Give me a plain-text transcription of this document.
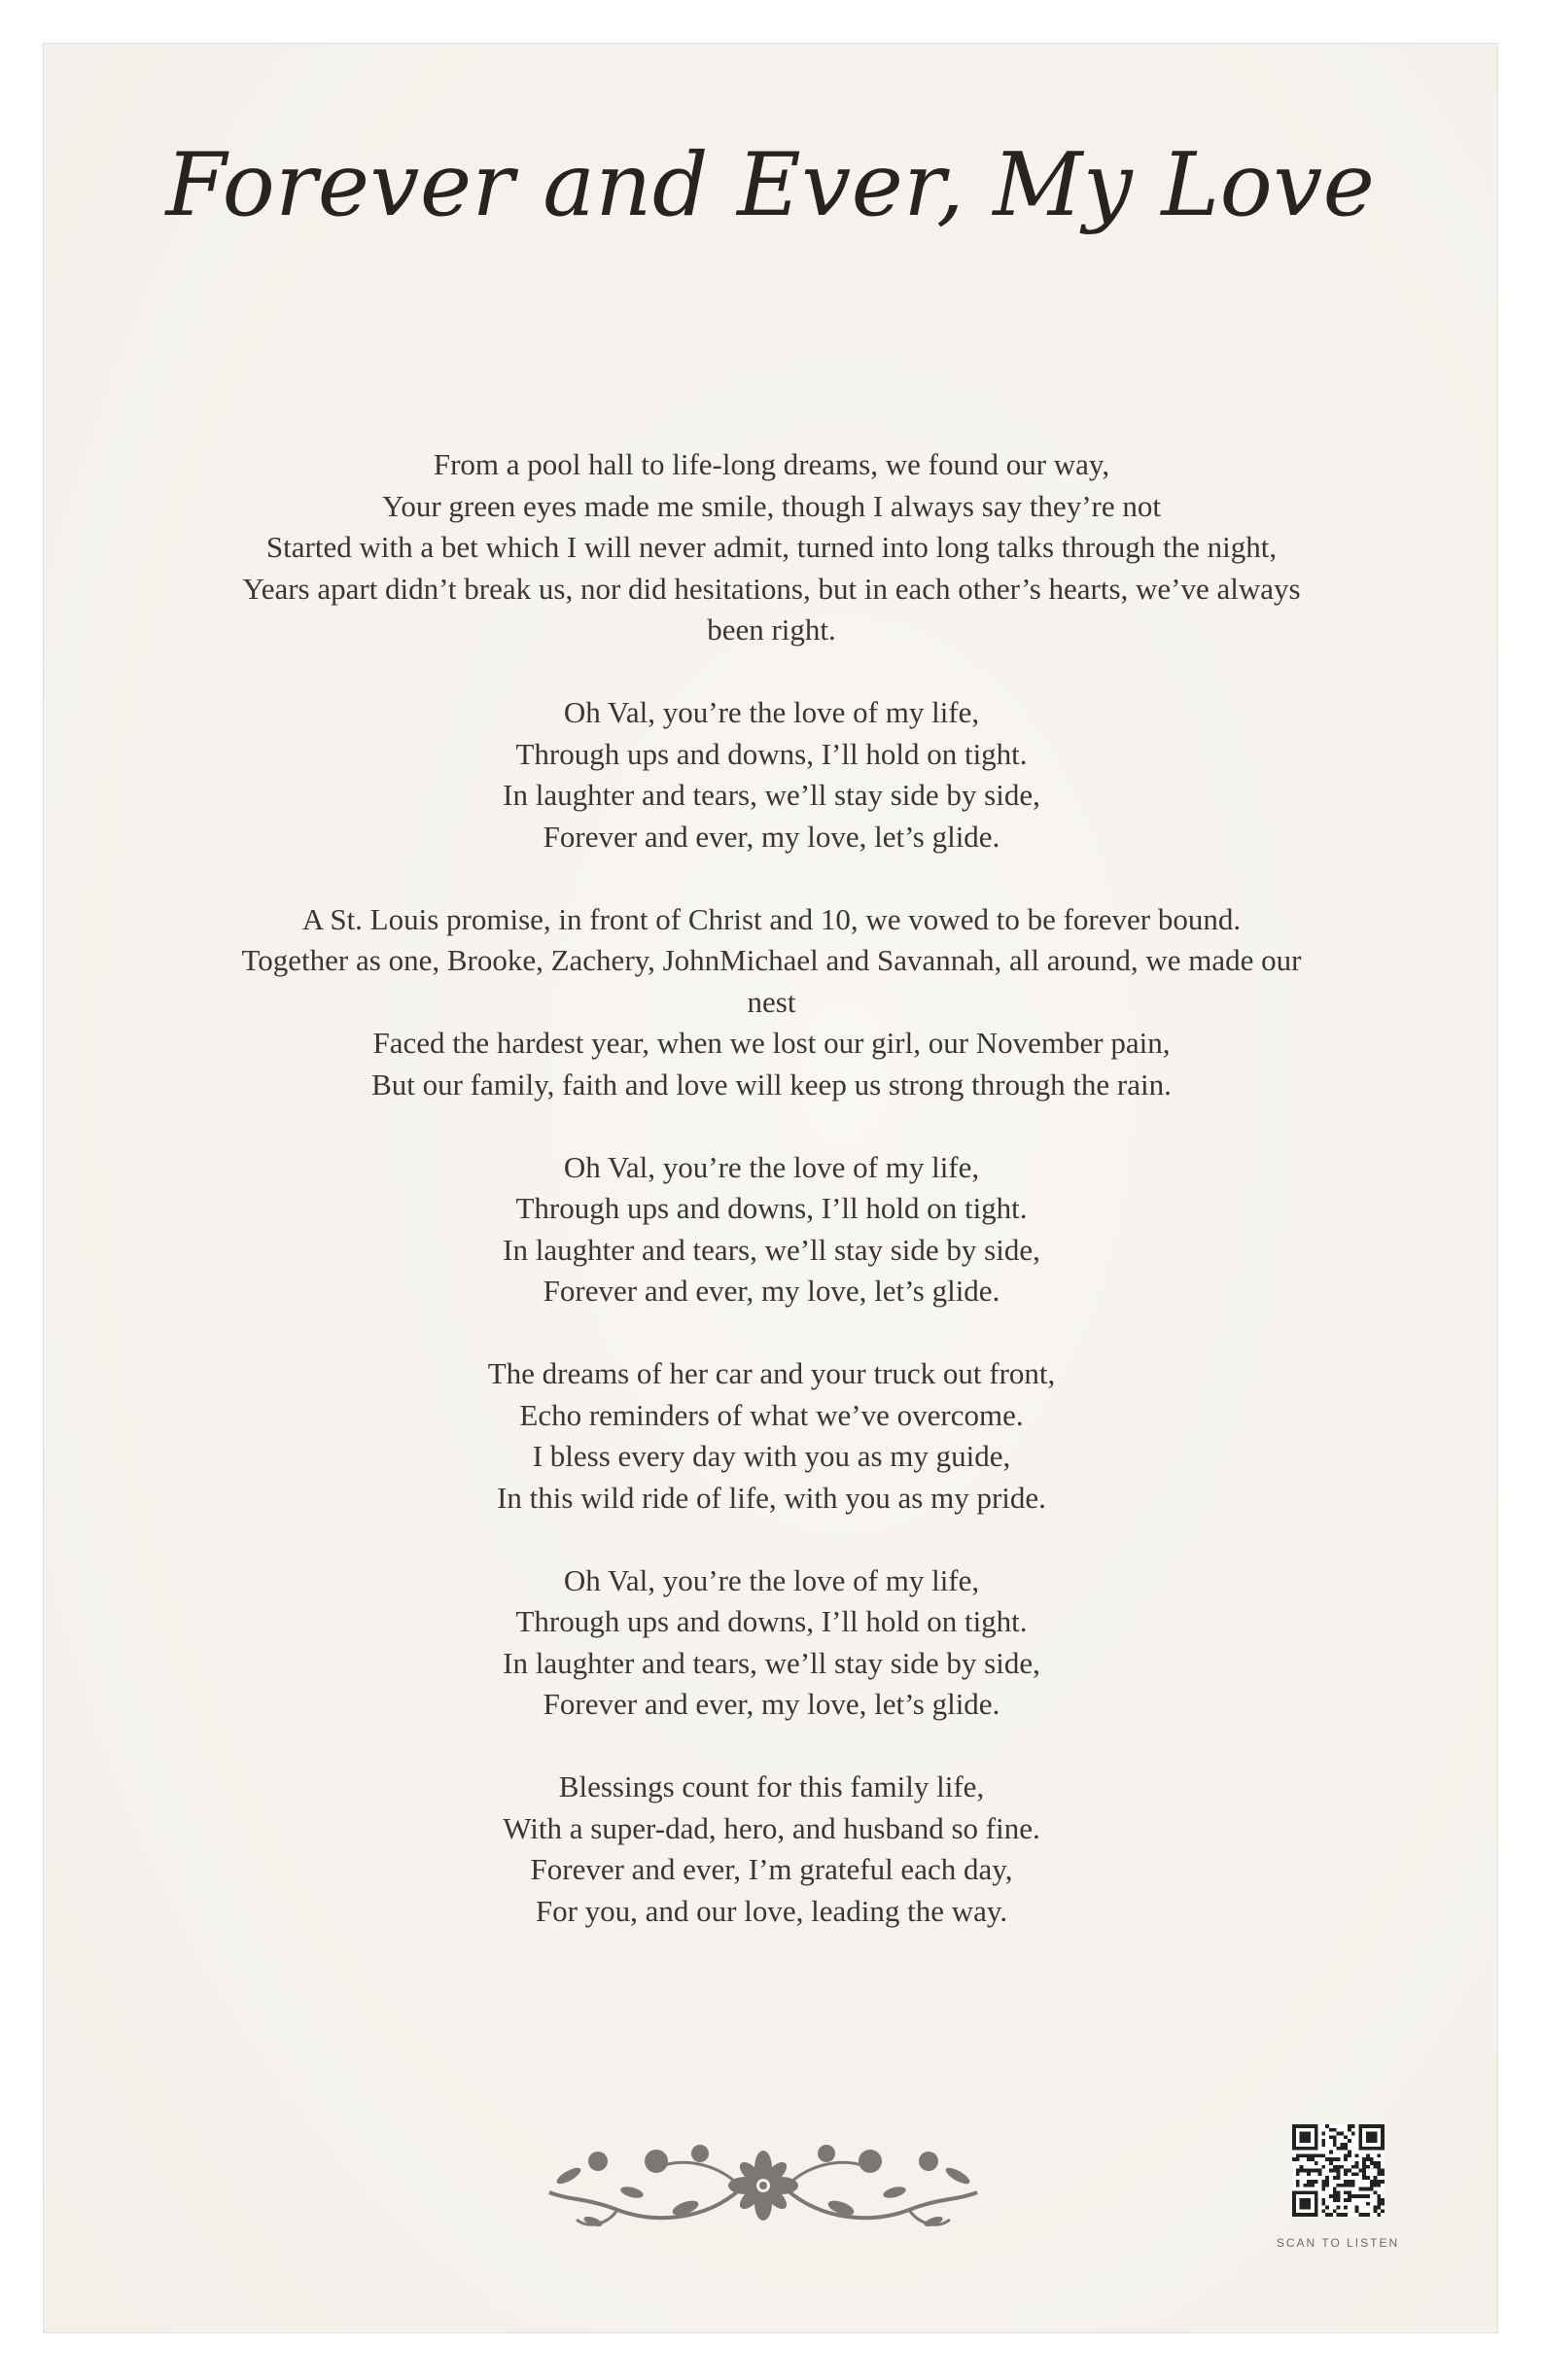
Forever and Ever, My Love
From a pool hall to life-long dreams, we found our way,
Your green eyes made me smile, though I always say they’re not
Started with a bet which I will never admit, turned into long talks through the night,
Years apart didn’t break us, nor did hesitations, but in each other’s hearts, we’ve always
been right.
Oh Val, you’re the love of my life,
Through ups and downs, I’ll hold on tight.
In laughter and tears, we’ll stay side by side,
Forever and ever, my love, let’s glide.
A St. Louis promise, in front of Christ and 10, we vowed to be forever bound.
Together as one, Brooke, Zachery, JohnMichael and Savannah, all around, we made our
nest
Faced the hardest year, when we lost our girl, our November pain,
But our family, faith and love will keep us strong through the rain.
Oh Val, you’re the love of my life,
Through ups and downs, I’ll hold on tight.
In laughter and tears, we’ll stay side by side,
Forever and ever, my love, let’s glide.
The dreams of her car and your truck out front,
Echo reminders of what we’ve overcome.
I bless every day with you as my guide,
In this wild ride of life, with you as my pride.
Oh Val, you’re the love of my life,
Through ups and downs, I’ll hold on tight.
In laughter and tears, we’ll stay side by side,
Forever and ever, my love, let’s glide.
Blessings count for this family life,
With a super-dad, hero, and husband so fine.
Forever and ever, I’m grateful each day,
For you, and our love, leading the way.
SCAN TO LISTEN
